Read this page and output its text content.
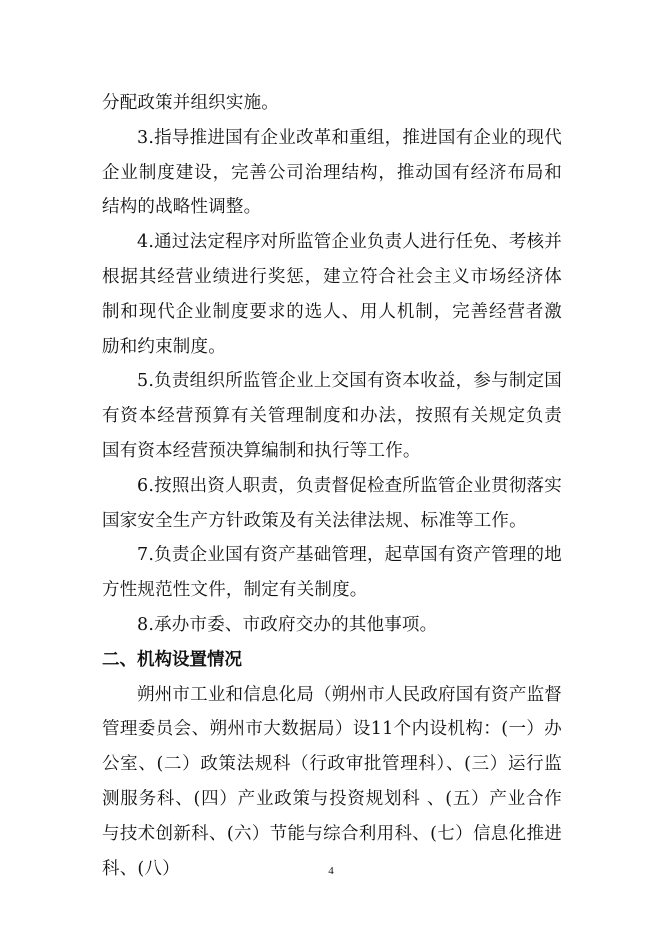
分配政策并组织实施。

3.指导推进国有企业改革和重组，推进国有企业的现代企业制度建设，完善公司治理结构，推动国有经济布局和结构的战略性调整。

4.通过法定程序对所监管企业负责人进行任免、考核并根据其经营业绩进行奖惩，建立符合社会主义市场经济体制和现代企业制度要求的选人、用人机制，完善经营者激励和约束制度。

5.负责组织所监管企业上交国有资本收益，参与制定国有资本经营预算有关管理制度和办法，按照有关规定负责国有资本经营预决算编制和执行等工作。

6.按照出资人职责，负责督促检查所监管企业贯彻落实国家安全生产方针政策及有关法律法规、标准等工作。

7.负责企业国有资产基础管理，起草国有资产管理的地方性规范性文件，制定有关制度。

8.承办市委、市政府交办的其他事项。

二、机构设置情况

朔州市工业和信息化局（朔州市人民政府国有资产监督管理委员会、朔州市大数据局）设11个内设机构：(一）办公室、(二）政策法规科（行政审批管理科）、(三）运行监测服务科、(四）产业政策与投资规划科 、(五）产业合作与技术创新科、(六）节能与综合利用科、(七）信息化推进科、(八）	4
